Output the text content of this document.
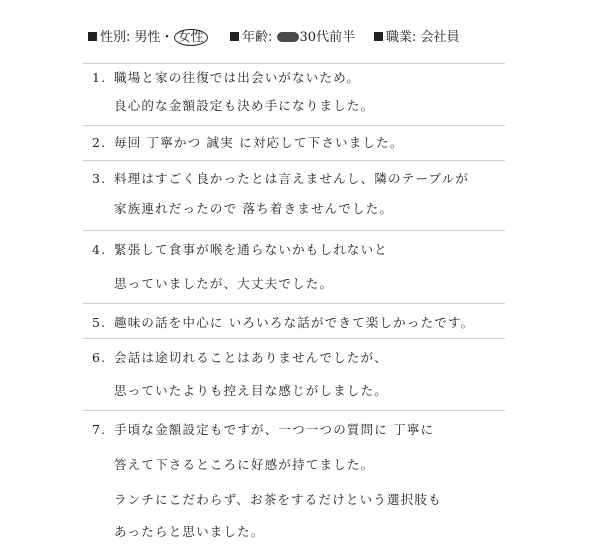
性別: 男性・ 女性	年齢: 30代前半	職業: 会社員
1. 職場と家の往復では出会いがないため。
良心的な金額設定も決め手になりました。
2. 毎回 丁寧かつ 誠実 に対応して下さいました。
3. 料理はすごく良かったとは言えませんし、隣のテーブルが
家族連れだったので 落ち着きませんでした。
4. 緊張して食事が喉を通らないかもしれないと
思っていましたが、大丈夫でした。
5. 趣味の話を中心に いろいろな話ができて楽しかったです。
6. 会話は途切れることはありませんでしたが、
思っていたよりも控え目な感じがしました。
7. 手頃な金額設定もですが、一つ一つの質問に 丁寧に
答えて下さるところに好感が持てました。
ランチにこだわらず、お茶をするだけという選択肢も
あったらと思いました。
